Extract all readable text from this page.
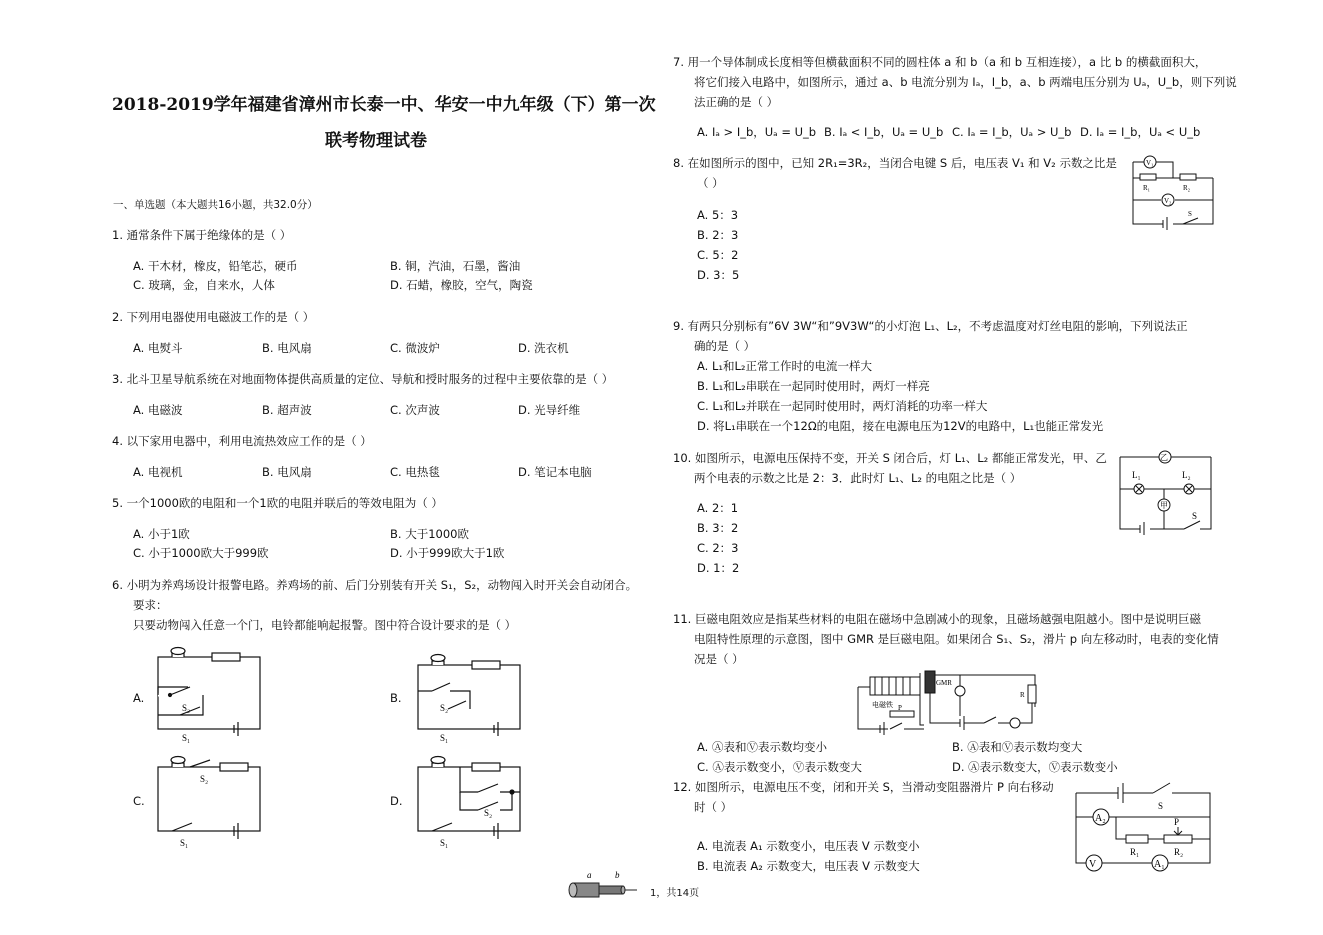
2018-2019学年福建省漳州市长泰一中、华安一中九年级（下）第一次
联考物理试卷
一、单选题（本大题共16小题，共32.0分）
1. 通常条件下属于绝缘体的是（ ）
A. 干木材，橡皮，铅笔芯，硬币	B. 铜，汽油，石墨，酱油
C. 玻璃，金，自来水，人体	D. 石蜡，橡胶，空气，陶瓷
2. 下列用电器使用电磁波工作的是（ ）
A. 电熨斗	B. 电风扇	C. 微波炉	D. 洗衣机
3. 北斗卫星导航系统在对地面物体提供高质量的定位、导航和授时服务的过程中主要依靠的是（ ）
A. 电磁波	B. 超声波	C. 次声波	D. 光导纤维
4. 以下家用电器中，利用电流热效应工作的是（ ）
A. 电视机	B. 电风扇	C. 电热毯	D. 笔记本电脑
5. 一个1000欧的电阻和一个1欧的电阻并联后的等效电阻为（ ）
A. 小于1欧	B. 大于1000欧
C. 小于1000欧大于999欧	D. 小于999欧大于1欧
6. 小明为养鸡场设计报警电路。养鸡场的前、后门分别装有开关 S₁，S₂，动物闯入时开关会自动闭合。
要求：
只要动物闯入任意一个门，电铃都能响起报警。图中符合设计要求的是（ ）
A.	B.
C.	D.
S₂
S₁
S₂
S₁
S₂
S₁
S₂
S₁
7. 用一个导体制成长度相等但横截面积不同的圆柱体 a 和 b（a 和 b 互相连接），a 比 b 的横截面积大，
将它们接入电路中，如图所示，通过 a、b 电流分别为 Iₐ，I_b，a、b 两端电压分别为 Uₐ，U_b，则下列说
法正确的是（ ）
A. Iₐ > I_b，Uₐ = U_b B. Iₐ < I_b，Uₐ = U_b C. Iₐ = I_b，Uₐ > U_b D. Iₐ = I_b，Uₐ < U_b
8. 在如图所示的图中，已知 2R₁=3R₂，当闭合电键 S 后，电压表 V₁ 和 V₂ 示数之比是
（ ）
A. 5：3
B. 2：3
C. 5：2
D. 3：5
V₁
V₂
R₁	R₂
S
9. 有两只分别标有”6V 3W“和”9V3W“的小灯泡 L₁、L₂，不考虑温度对灯丝电阻的影响，下列说法正
确的是（ ）
A. L₁和L₂正常工作时的电流一样大
B. L₁和L₂串联在一起同时使用时，两灯一样亮
C. L₁和L₂并联在一起同时使用时，两灯消耗的功率一样大
D. 将L₁串联在一个12Ω的电阻，接在电源电压为12V的电路中，L₁也能正常发光
10. 如图所示，电源电压保持不变，开关 S 闭合后，灯 L₁、L₂ 都能正常发光，甲、乙
两个电表的示数之比是 2：3．此时灯 L₁、L₂ 的电阻之比是（ ）
A. 2：1
B. 3：2
C. 2：3
D. 1：2
乙
甲
L₁	L₂
S
11. 巨磁电阻效应是指某些材料的电阻在磁场中急剧减小的现象，且磁场越强电阻越小。图中是说明巨磁
电阻特性原理的示意图，图中 GMR 是巨磁电阻。如果闭合 S₁、S₂，滑片 p 向左移动时，电表的变化情
况是（ ）
GMR
电磁铁
R
P
A. Ⓐ表和Ⓥ表示数均变小	B. Ⓐ表和Ⓥ表示数均变大
C. Ⓐ表示数变小，Ⓥ表示数变大	D. Ⓐ表示数变大，Ⓥ表示数变小
12. 如图所示，电源电压不变，闭和开关 S，当滑动变阻器滑片 P 向右移动
时（ ）
A. 电流表 A₁ 示数变小，电压表 V 示数变小
B. 电流表 A₂ 示数变大，电压表 V 示数变大
A₂
A₁
V
R₁	R₂
P
S
a	b
1，共14页
